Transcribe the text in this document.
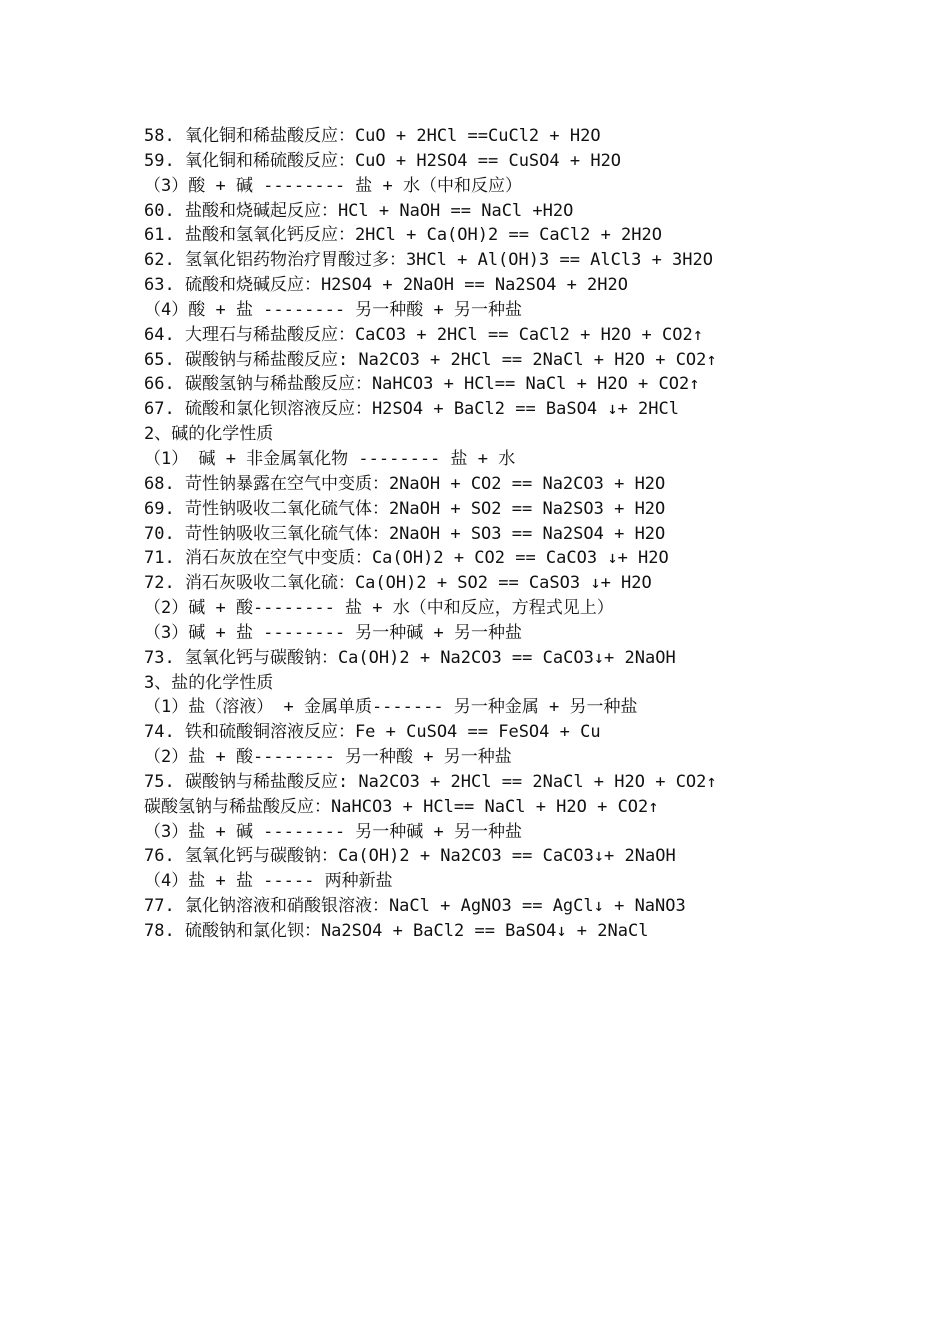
58. 氧化铜和稀盐酸反应：CuO + 2HCl ==CuCl2 + H2O
59. 氧化铜和稀硫酸反应：CuO + H2SO4 == CuSO4 + H2O
（3）酸 + 碱 -------- 盐 + 水（中和反应）
60. 盐酸和烧碱起反应：HCl + NaOH == NaCl +H2O
61. 盐酸和氢氧化钙反应：2HCl + Ca(OH)2 == CaCl2 + 2H2O
62. 氢氧化铝药物治疗胃酸过多：3HCl + Al(OH)3 == AlCl3 + 3H2O
63. 硫酸和烧碱反应：H2SO4 + 2NaOH == Na2SO4 + 2H2O
（4）酸 + 盐 -------- 另一种酸 + 另一种盐
64. 大理石与稀盐酸反应：CaCO3 + 2HCl == CaCl2 + H2O + CO2↑
65. 碳酸钠与稀盐酸反应: Na2CO3 + 2HCl == 2NaCl + H2O + CO2↑
66. 碳酸氢钠与稀盐酸反应：NaHCO3 + HCl== NaCl + H2O + CO2↑
67. 硫酸和氯化钡溶液反应：H2SO4 + BaCl2 == BaSO4 ↓+ 2HCl
2、碱的化学性质
（1） 碱 + 非金属氧化物 -------- 盐 + 水
68. 苛性钠暴露在空气中变质：2NaOH + CO2 == Na2CO3 + H2O
69. 苛性钠吸收二氧化硫气体：2NaOH + SO2 == Na2SO3 + H2O
70. 苛性钠吸收三氧化硫气体：2NaOH + SO3 == Na2SO4 + H2O
71. 消石灰放在空气中变质：Ca(OH)2 + CO2 == CaCO3 ↓+ H2O
72. 消石灰吸收二氧化硫：Ca(OH)2 + SO2 == CaSO3 ↓+ H2O
（2）碱 + 酸-------- 盐 + 水（中和反应，方程式见上）
（3）碱 + 盐 -------- 另一种碱 + 另一种盐
73. 氢氧化钙与碳酸钠：Ca(OH)2 + Na2CO3 == CaCO3↓+ 2NaOH
3、盐的化学性质
（1）盐（溶液） + 金属单质------- 另一种金属 + 另一种盐
74. 铁和硫酸铜溶液反应：Fe + CuSO4 == FeSO4 + Cu
（2）盐 + 酸-------- 另一种酸 + 另一种盐
75. 碳酸钠与稀盐酸反应: Na2CO3 + 2HCl == 2NaCl + H2O + CO2↑
碳酸氢钠与稀盐酸反应：NaHCO3 + HCl== NaCl + H2O + CO2↑
（3）盐 + 碱 -------- 另一种碱 + 另一种盐
76. 氢氧化钙与碳酸钠：Ca(OH)2 + Na2CO3 == CaCO3↓+ 2NaOH
（4）盐 + 盐 ----- 两种新盐
77. 氯化钠溶液和硝酸银溶液：NaCl + AgNO3 == AgCl↓ + NaNO3
78. 硫酸钠和氯化钡：Na2SO4 + BaCl2 == BaSO4↓ + 2NaCl
